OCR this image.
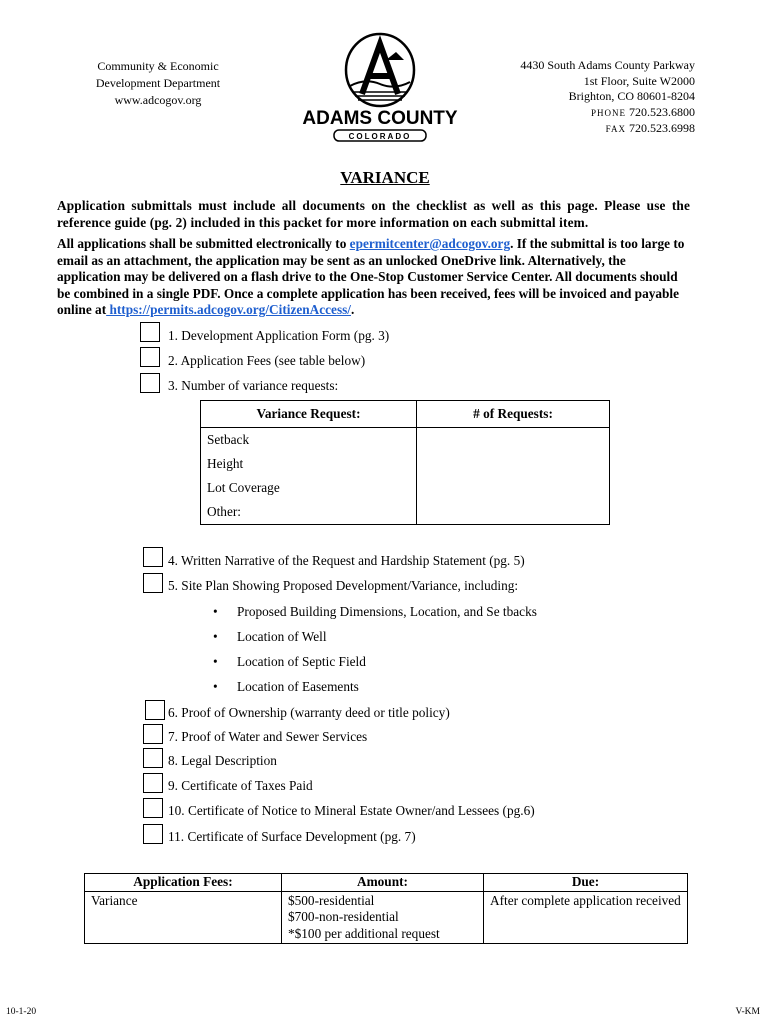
Community & Economic
Development Department
www.adcogov.org
ADAMS COUNTY
COLORADO
4430 South Adams County Parkway
1st Floor, Suite W2000
Brighton, CO 80601-8204
PHONE 720.523.6800
FAX 720.523.6998
VARIANCE
Application submittals must include all documents on the checklist as well as this page. Please use the reference guide (pg. 2) included in this packet for more information on each submittal item.
All applications shall be submitted electronically to epermitcenter@adcogov.org. If the submittal is too large to email as an attachment, the application may be sent as an unlocked OneDrive link. Alternatively, the application may be delivered on a flash drive to the One-Stop Customer Service Center. All documents should be combined in a single PDF. Once a complete application has been received, fees will be invoiced and payable online at https://permits.adcogov.org/CitizenAccess/.
1. Development Application Form (pg. 3)
2. Application Fees (see table below)
3. Number of variance requests:
Variance Request:	# of Requests:
Setback	
Height	
Lot Coverage	
Other:	
4. Written Narrative of the Request and Hardship Statement (pg. 5)
5. Site Plan Showing Proposed Development/Variance, including:
• Proposed Building Dimensions, Location, and Se tbacks
• Location of Well
• Location of Septic Field
• Location of Easements
6. Proof of Ownership (warranty deed or title policy)
7. Proof of Water and Sewer Services
8. Legal Description
9. Certificate of Taxes Paid
10. Certificate of Notice to Mineral Estate Owner/and Lessees (pg.6)
11. Certificate of Surface Development (pg. 7)
Application Fees:	Amount:	Due:
Variance	$500-residential
$700-non-residential
*$100 per additional request	After complete application received
10-1-20	V-KM
